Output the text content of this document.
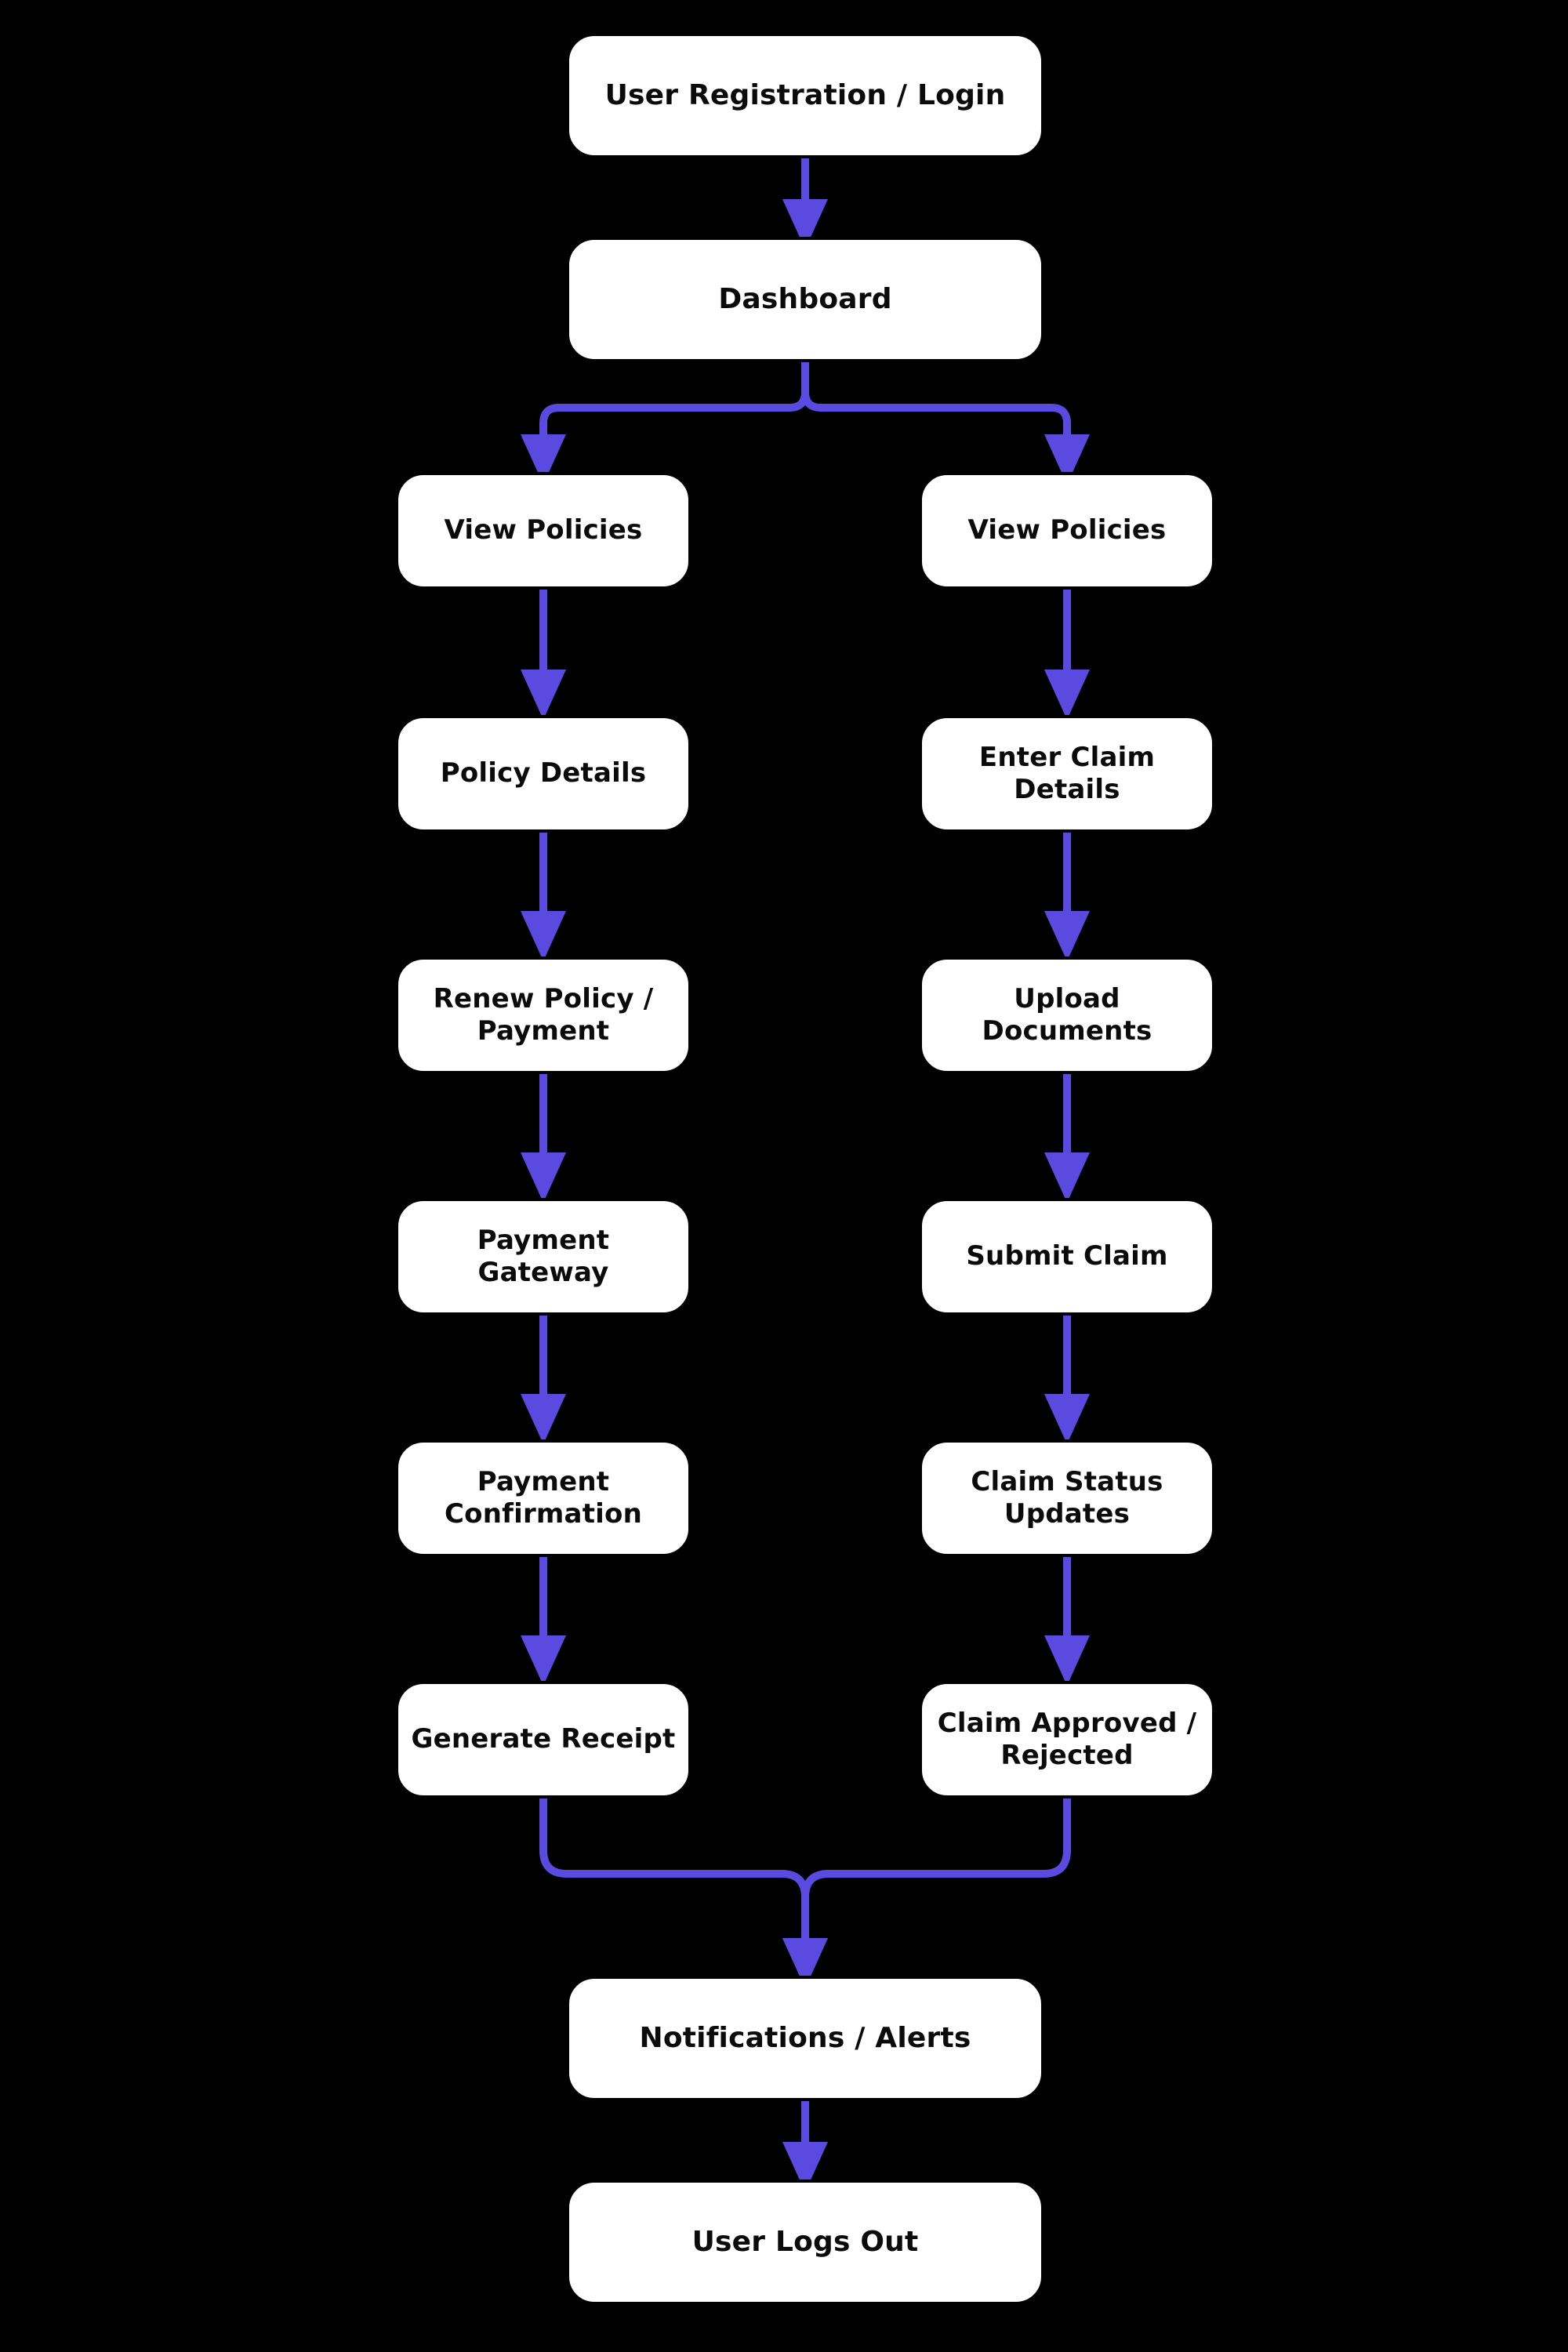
User Registration / Login
Dashboard
View Policies	View Policies
Policy Details
Enter Claim Details
Renew Policy / Payment
Upload Documents
Payment Gateway
Submit Claim
Payment Confirmation
Claim Status Updates
Generate Receipt
Claim Approved / Rejected
Notifications / Alerts
User Logs Out
